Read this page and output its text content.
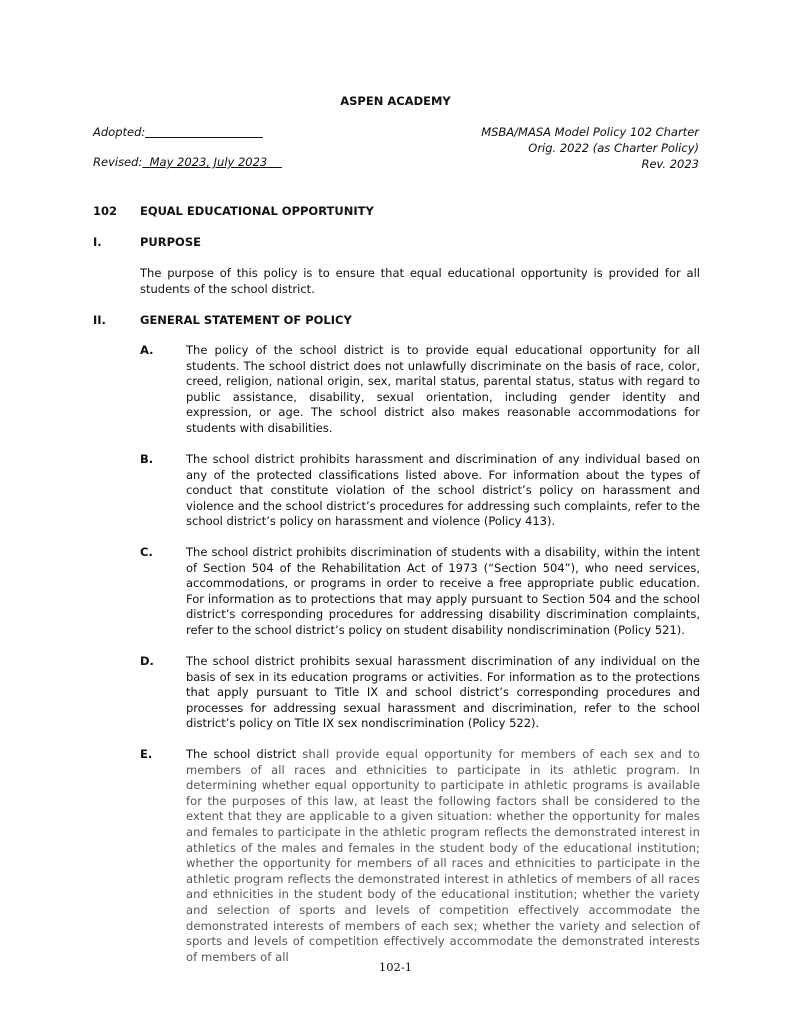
ASPEN ACADEMY
Adopted:
Revised: May 2023, July 2023
MSBA/MASA Model Policy 102 Charter
Orig. 2022 (as Charter Policy)
Rev. 2023
102 EQUAL EDUCATIONAL OPPORTUNITY
I.	PURPOSE
The purpose of this policy is to ensure that equal educational opportunity is provided for all students of the school district.
II.	GENERAL STATEMENT OF POLICY
A.	The policy of the school district is to provide equal educational opportunity for all students. The school district does not unlawfully discriminate on the basis of race, color, creed, religion, national origin, sex, marital status, parental status, status with regard to public assistance, disability, sexual orientation, including gender identity and expression, or age. The school district also makes reasonable accommodations for students with disabilities.
B.	The school district prohibits harassment and discrimination of any individual based on any of the protected classifications listed above. For information about the types of conduct that constitute violation of the school district’s policy on harassment and violence and the school district’s procedures for addressing such complaints, refer to the school district’s policy on harassment and violence (Policy 413).
C.	The school district prohibits discrimination of students with a disability, within the intent of Section 504 of the Rehabilitation Act of 1973 (“Section 504”), who need services, accommodations, or programs in order to receive a free appropriate public education. For information as to protections that may apply pursuant to Section 504 and the school district’s corresponding procedures for addressing disability discrimination complaints, refer to the school district’s policy on student disability nondiscrimination (Policy 521).
D.	The school district prohibits sexual harassment discrimination of any individual on the basis of sex in its education programs or activities. For information as to the protections that apply pursuant to Title IX and school district’s corresponding procedures and processes for addressing sexual harassment and discrimination, refer to the school district’s policy on Title IX sex nondiscrimination (Policy 522).
E.	The school district shall provide equal opportunity for members of each sex and to members of all races and ethnicities to participate in its athletic program. In determining whether equal opportunity to participate in athletic programs is available for the purposes of this law, at least the following factors shall be considered to the extent that they are applicable to a given situation: whether the opportunity for males and females to participate in the athletic program reflects the demonstrated interest in athletics of the males and females in the student body of the educational institution; whether the opportunity for members of all races and ethnicities to participate in the athletic program reflects the demonstrated interest in athletics of members of all races and ethnicities in the student body of the educational institution; whether the variety and selection of sports and levels of competition effectively accommodate the demonstrated interests of members of each sex; whether the variety and selection of sports and levels of competition effectively accommodate the demonstrated interests of members of all
102-1
